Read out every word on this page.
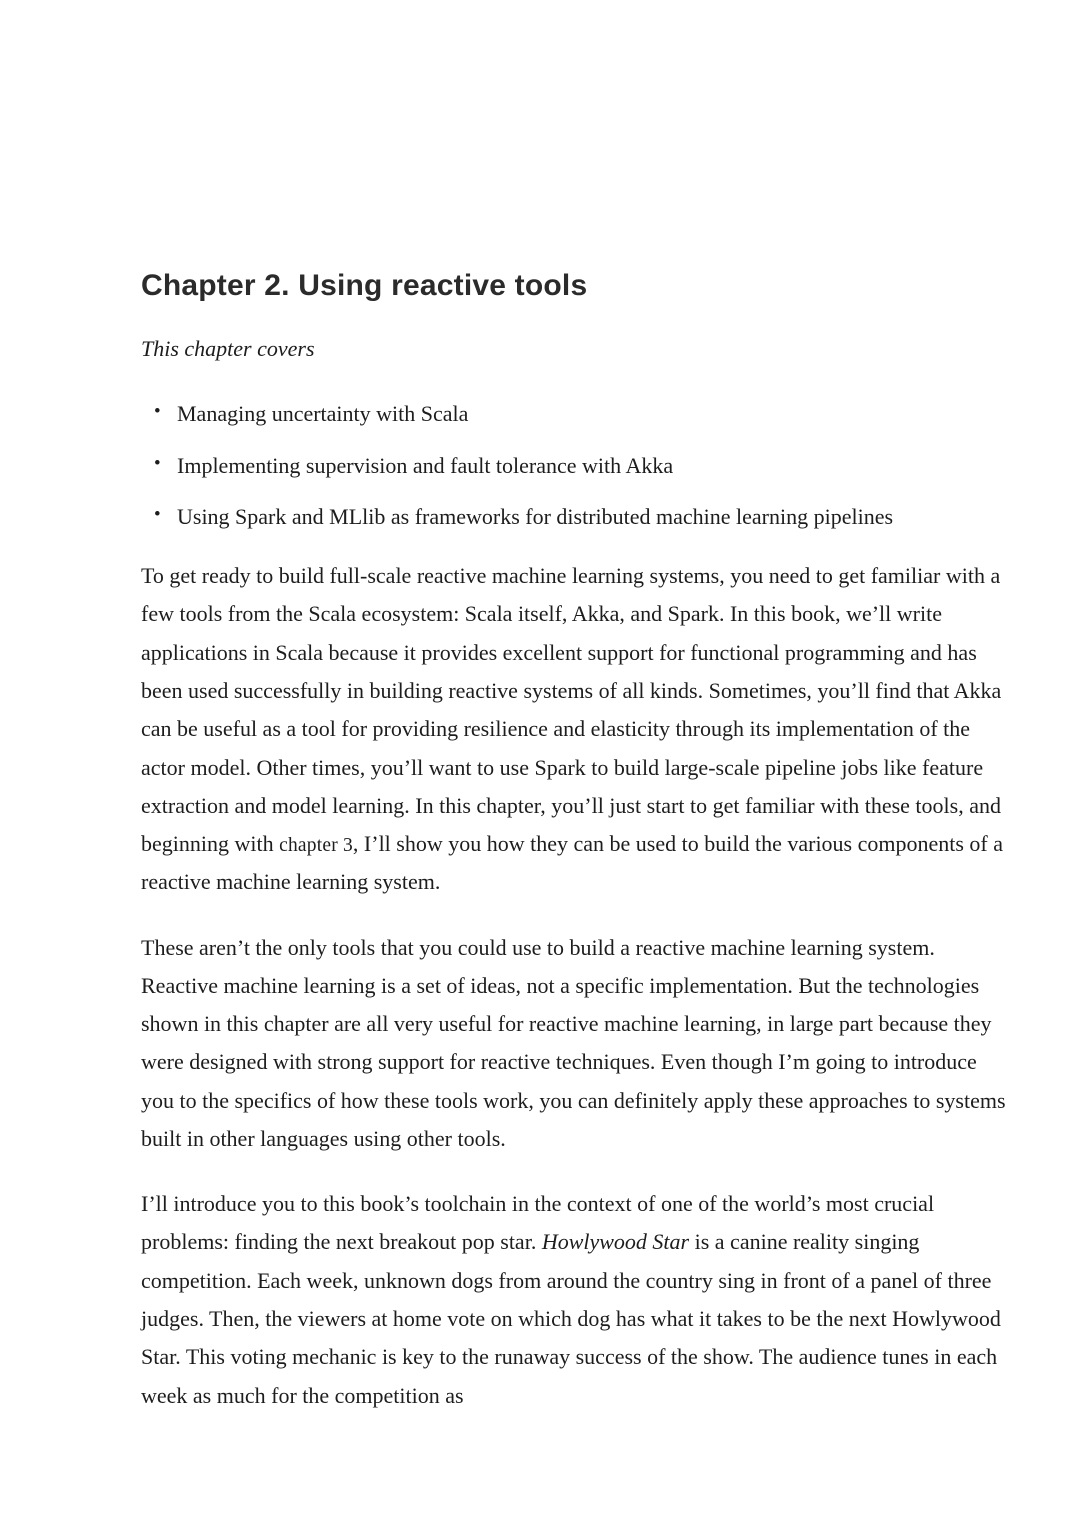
Chapter 2. Using reactive tools

This chapter covers

• Managing uncertainty with Scala
• Implementing supervision and fault tolerance with Akka
• Using Spark and MLlib as frameworks for distributed machine learning pipelines

To get ready to build full-scale reactive machine learning systems, you need to get familiar with a few tools from the Scala ecosystem: Scala itself, Akka, and Spark. In this book, we’ll write applications in Scala because it provides excellent support for functional programming and has been used successfully in building reactive systems of all kinds. Sometimes, you’ll find that Akka can be useful as a tool for providing resilience and elasticity through its implementation of the actor model. Other times, you’ll want to use Spark to build large-scale pipeline jobs like feature extraction and model learning. In this chapter, you’ll just start to get familiar with these tools, and beginning with chapter 3, I’ll show you how they can be used to build the various components of a reactive machine learning system.

These aren’t the only tools that you could use to build a reactive machine learning system. Reactive machine learning is a set of ideas, not a specific implementation. But the technologies shown in this chapter are all very useful for reactive machine learning, in large part because they were designed with strong support for reactive techniques. Even though I’m going to introduce you to the specifics of how these tools work, you can definitely apply these approaches to systems built in other languages using other tools.

I’ll introduce you to this book’s toolchain in the context of one of the world’s most crucial problems: finding the next breakout pop star. Howlywood Star is a canine reality singing competition. Each week, unknown dogs from around the country sing in front of a panel of three judges. Then, the viewers at home vote on which dog has what it takes to be the next Howlywood Star. This voting mechanic is key to the runaway success of the show. The audience tunes in each week as much for the competition as
